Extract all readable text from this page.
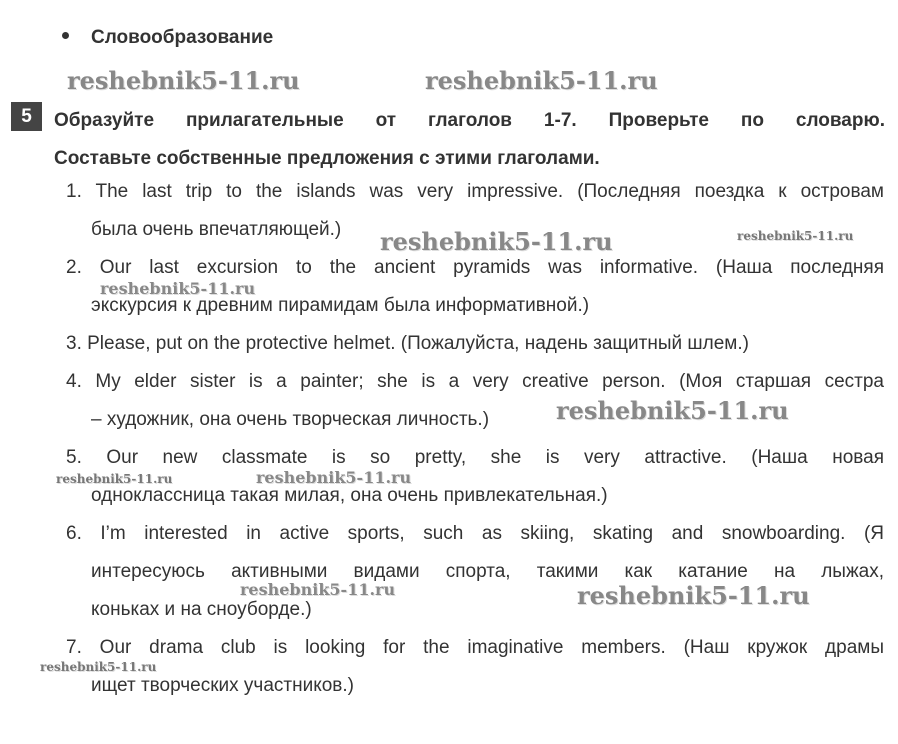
Словообразование
5	Образуйте прилагательные от глаголов 1-7. Проверьте по словарю.
Составьте собственные предложения с этими глаголами.
1. The last trip to the islands was very impressive. (Последняя поездка к островам
была очень впечатляющей.)
2. Our last excursion to the ancient pyramids was informative. (Наша последняя
экскурсия к древним пирамидам была информативной.)
3. Please, put on the protective helmet. (Пожалуйста, надень защитный шлем.)
4. My elder sister is a painter; she is a very creative person. (Моя старшая сестра
– художник, она очень творческая личность.)
5. Our new classmate is so pretty, she is very attractive. (Наша новая
одноклассница такая милая, она очень привлекательная.)
6. I’m interested in active sports, such as skiing, skating and snowboarding. (Я
интересуюсь активными видами спорта, такими как катание на лыжах,
коньках и на сноуборде.)
7. Our drama club is looking for the imaginative members. (Наш кружок драмы
ищет творческих участников.)
reshebnik5-11.ru	reshebnik5-11.ru
reshebnik5-11.ru	reshebnik5-11.ru
reshebnik5-11.ru
reshebnik5-11.ru
reshebnik5-11.ru	reshebnik5-11.ru
reshebnik5-11.ru	reshebnik5-11.ru
reshebnik5-11.ru
